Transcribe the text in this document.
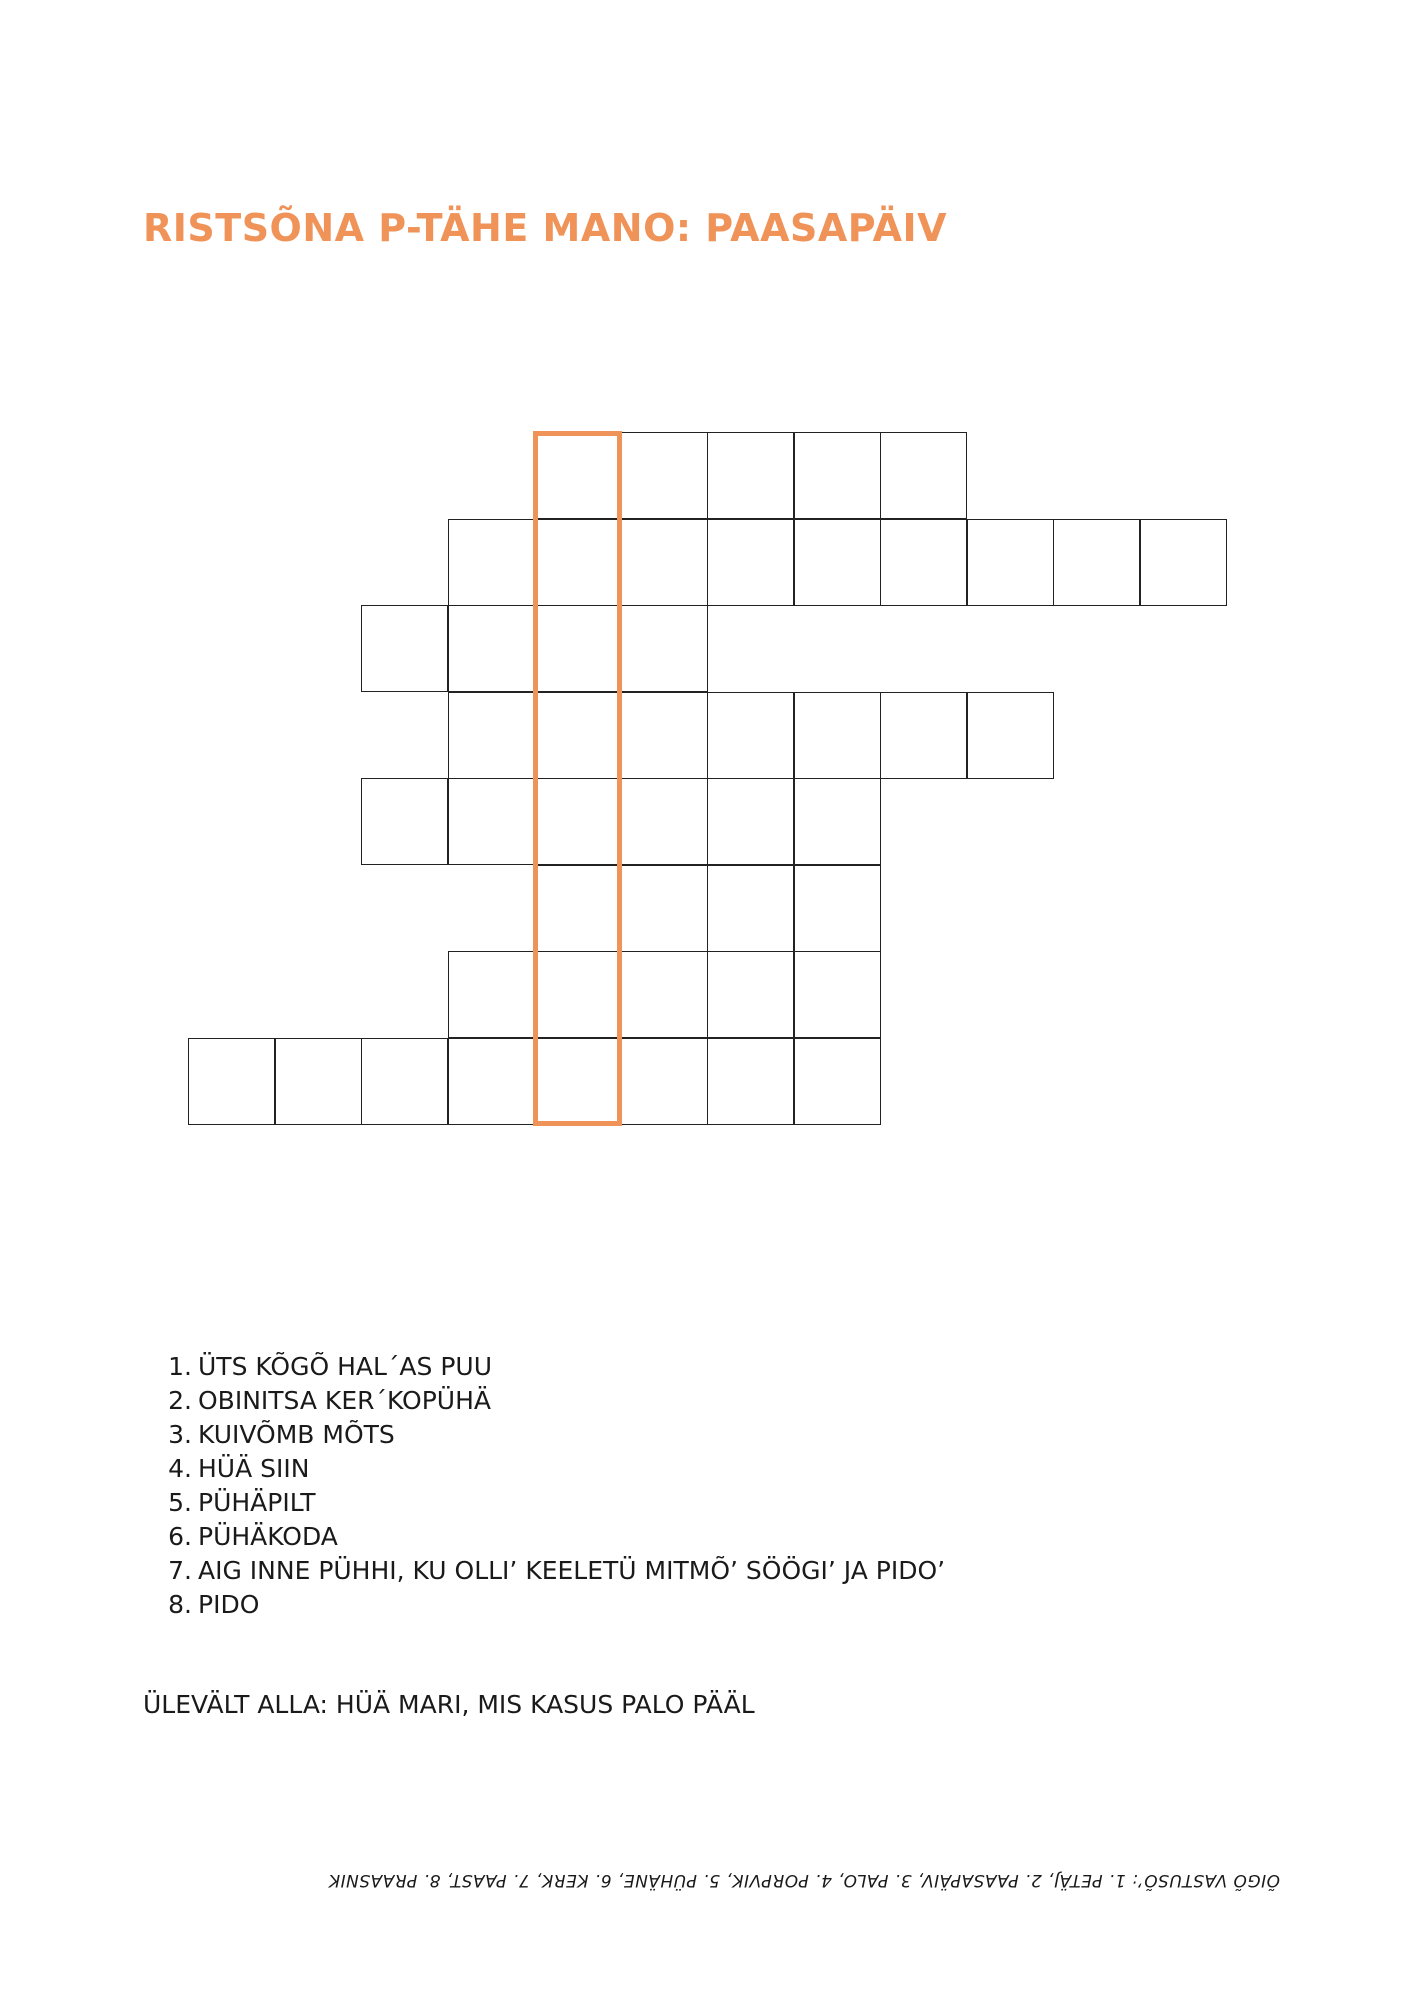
RISTSÕNA P-TÄHE MANO: PAASAPÄIV
1. ÜTS KÕGÕ HAL´AS PUU
2. OBINITSA KER´KOPÜHÄ
3. KUIVÕMB MÕTS
4. HÜÄ SIIN
5. PÜHÄPILT
6. PÜHÄKODA
7. AIG INNE PÜHHI, KU OLLI’ KEELETÜ MITMÕ’ SÖÖGI’ JA PIDO’
8. PIDO

ÜLEVÄLT ALLA: HÜÄ MARI, MIS KASUS PALO PÄÄL

ÕIGÕ VASTUSÕ’: 1. PETÄJ, 2. PAASAPÄIV, 3. PALO, 4. PORPVIK, 5. PÜHÄNE, 6. KERK, 7. PAAST, 8. PRAASNIK
